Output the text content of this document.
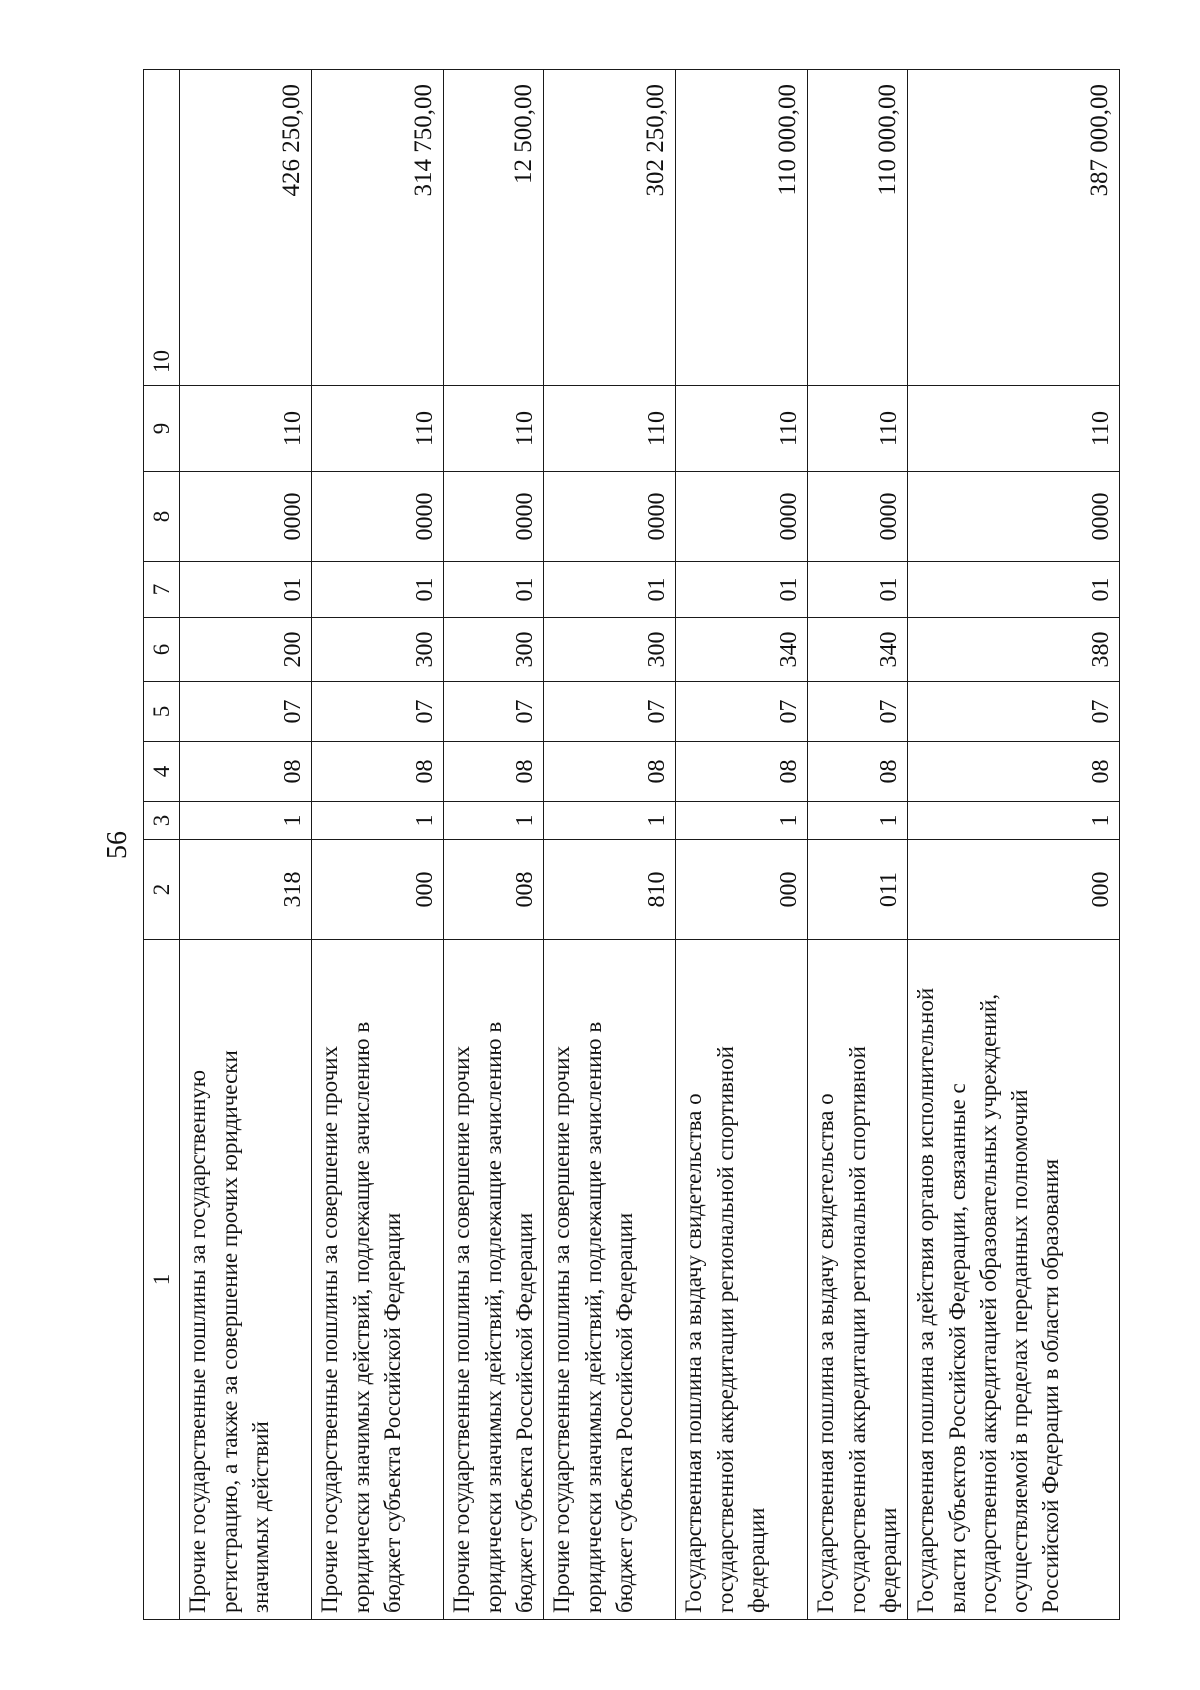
56
1	2	3	4	5	6	7	8	9	10

Прочие государственные пошлины за государственную регистрацию, а также за совершение прочих юридически значимых действий	318	1	08	07	200	01	0000	110	426 250,00

Прочие государственные пошлины за совершение прочих юридически значимых действий, подлежащие зачислению в бюджет субъекта Российской Федерации	000	1	08	07	300	01	0000	110	314 750,00

Прочие государственные пошлины за совершение прочих юридически значимых действий, подлежащие зачислению в бюджет субъекта Российской Федерации	008	1	08	07	300	01	0000	110	12 500,00

Прочие государственные пошлины за совершение прочих юридически значимых действий, подлежащие зачислению в бюджет субъекта Российской Федерации	810	1	08	07	300	01	0000	110	302 250,00

Государственная пошлина за выдачу свидетельства о государственной аккредитации региональной спортивной федерации	000	1	08	07	340	01	0000	110	110 000,00

Государственная пошлина за выдачу свидетельства о государственной аккредитации региональной спортивной федерации	011	1	08	07	340	01	0000	110	110 000,00

Государственная пошлина за действия органов исполнительной власти субъектов Российской Федерации, связанные с государственной аккредитацией образовательных учреждений, осуществляемой в пределах переданных полномочий Российской Федерации в области образования	000	1	08	07	380	01	0000	110	387 000,00
